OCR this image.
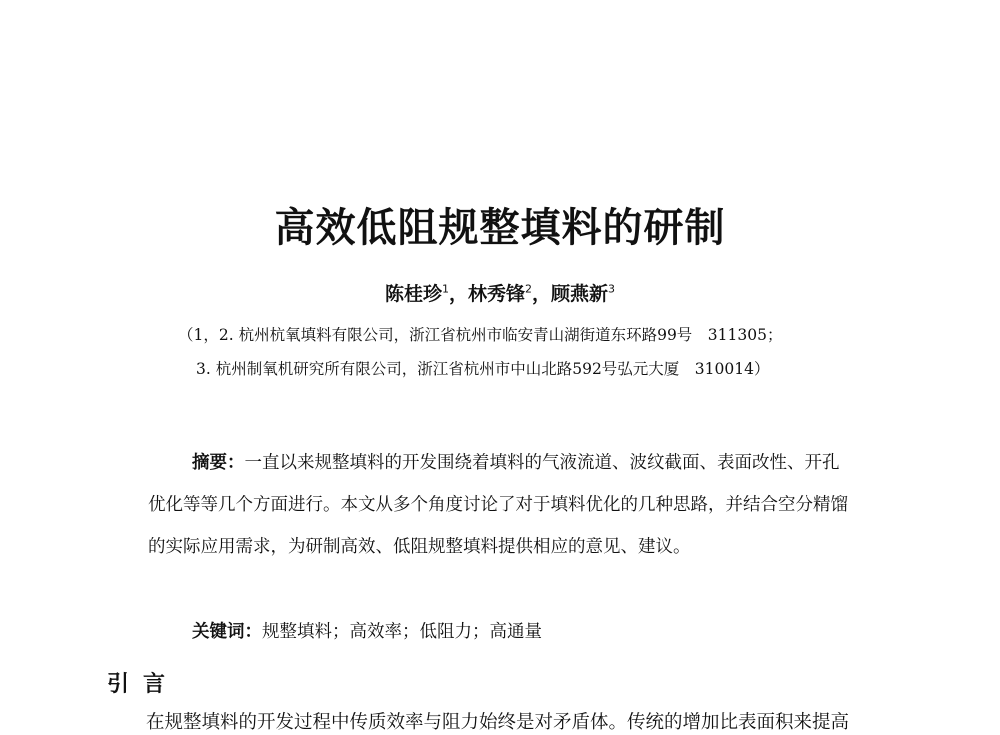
高效低阻规整填料的研制
陈桂珍$^1$，林秀锋$^2$，顾燕新$^3$
（1，2. 杭州杭氧填料有限公司，浙江省杭州市临安青山湖街道东环路99号　311305；
3. 杭州制氧机研究所有限公司，浙江省杭州市中山北路592号弘元大厦　310014）

摘要：一直以来规整填料的开发围绕着填料的气液流道、波纹截面、表面改性、开孔优化等等几个方面进行。本文从多个角度讨论了对于填料优化的几种思路，并结合空分精馏的实际应用需求，为研制高效、低阻规整填料提供相应的意见、建议。

关键词：规整填料；高效率；低阻力；高通量
引言
在规整填料的开发过程中传质效率与阻力始终是对矛盾体。传统的增加比表面积来提高
